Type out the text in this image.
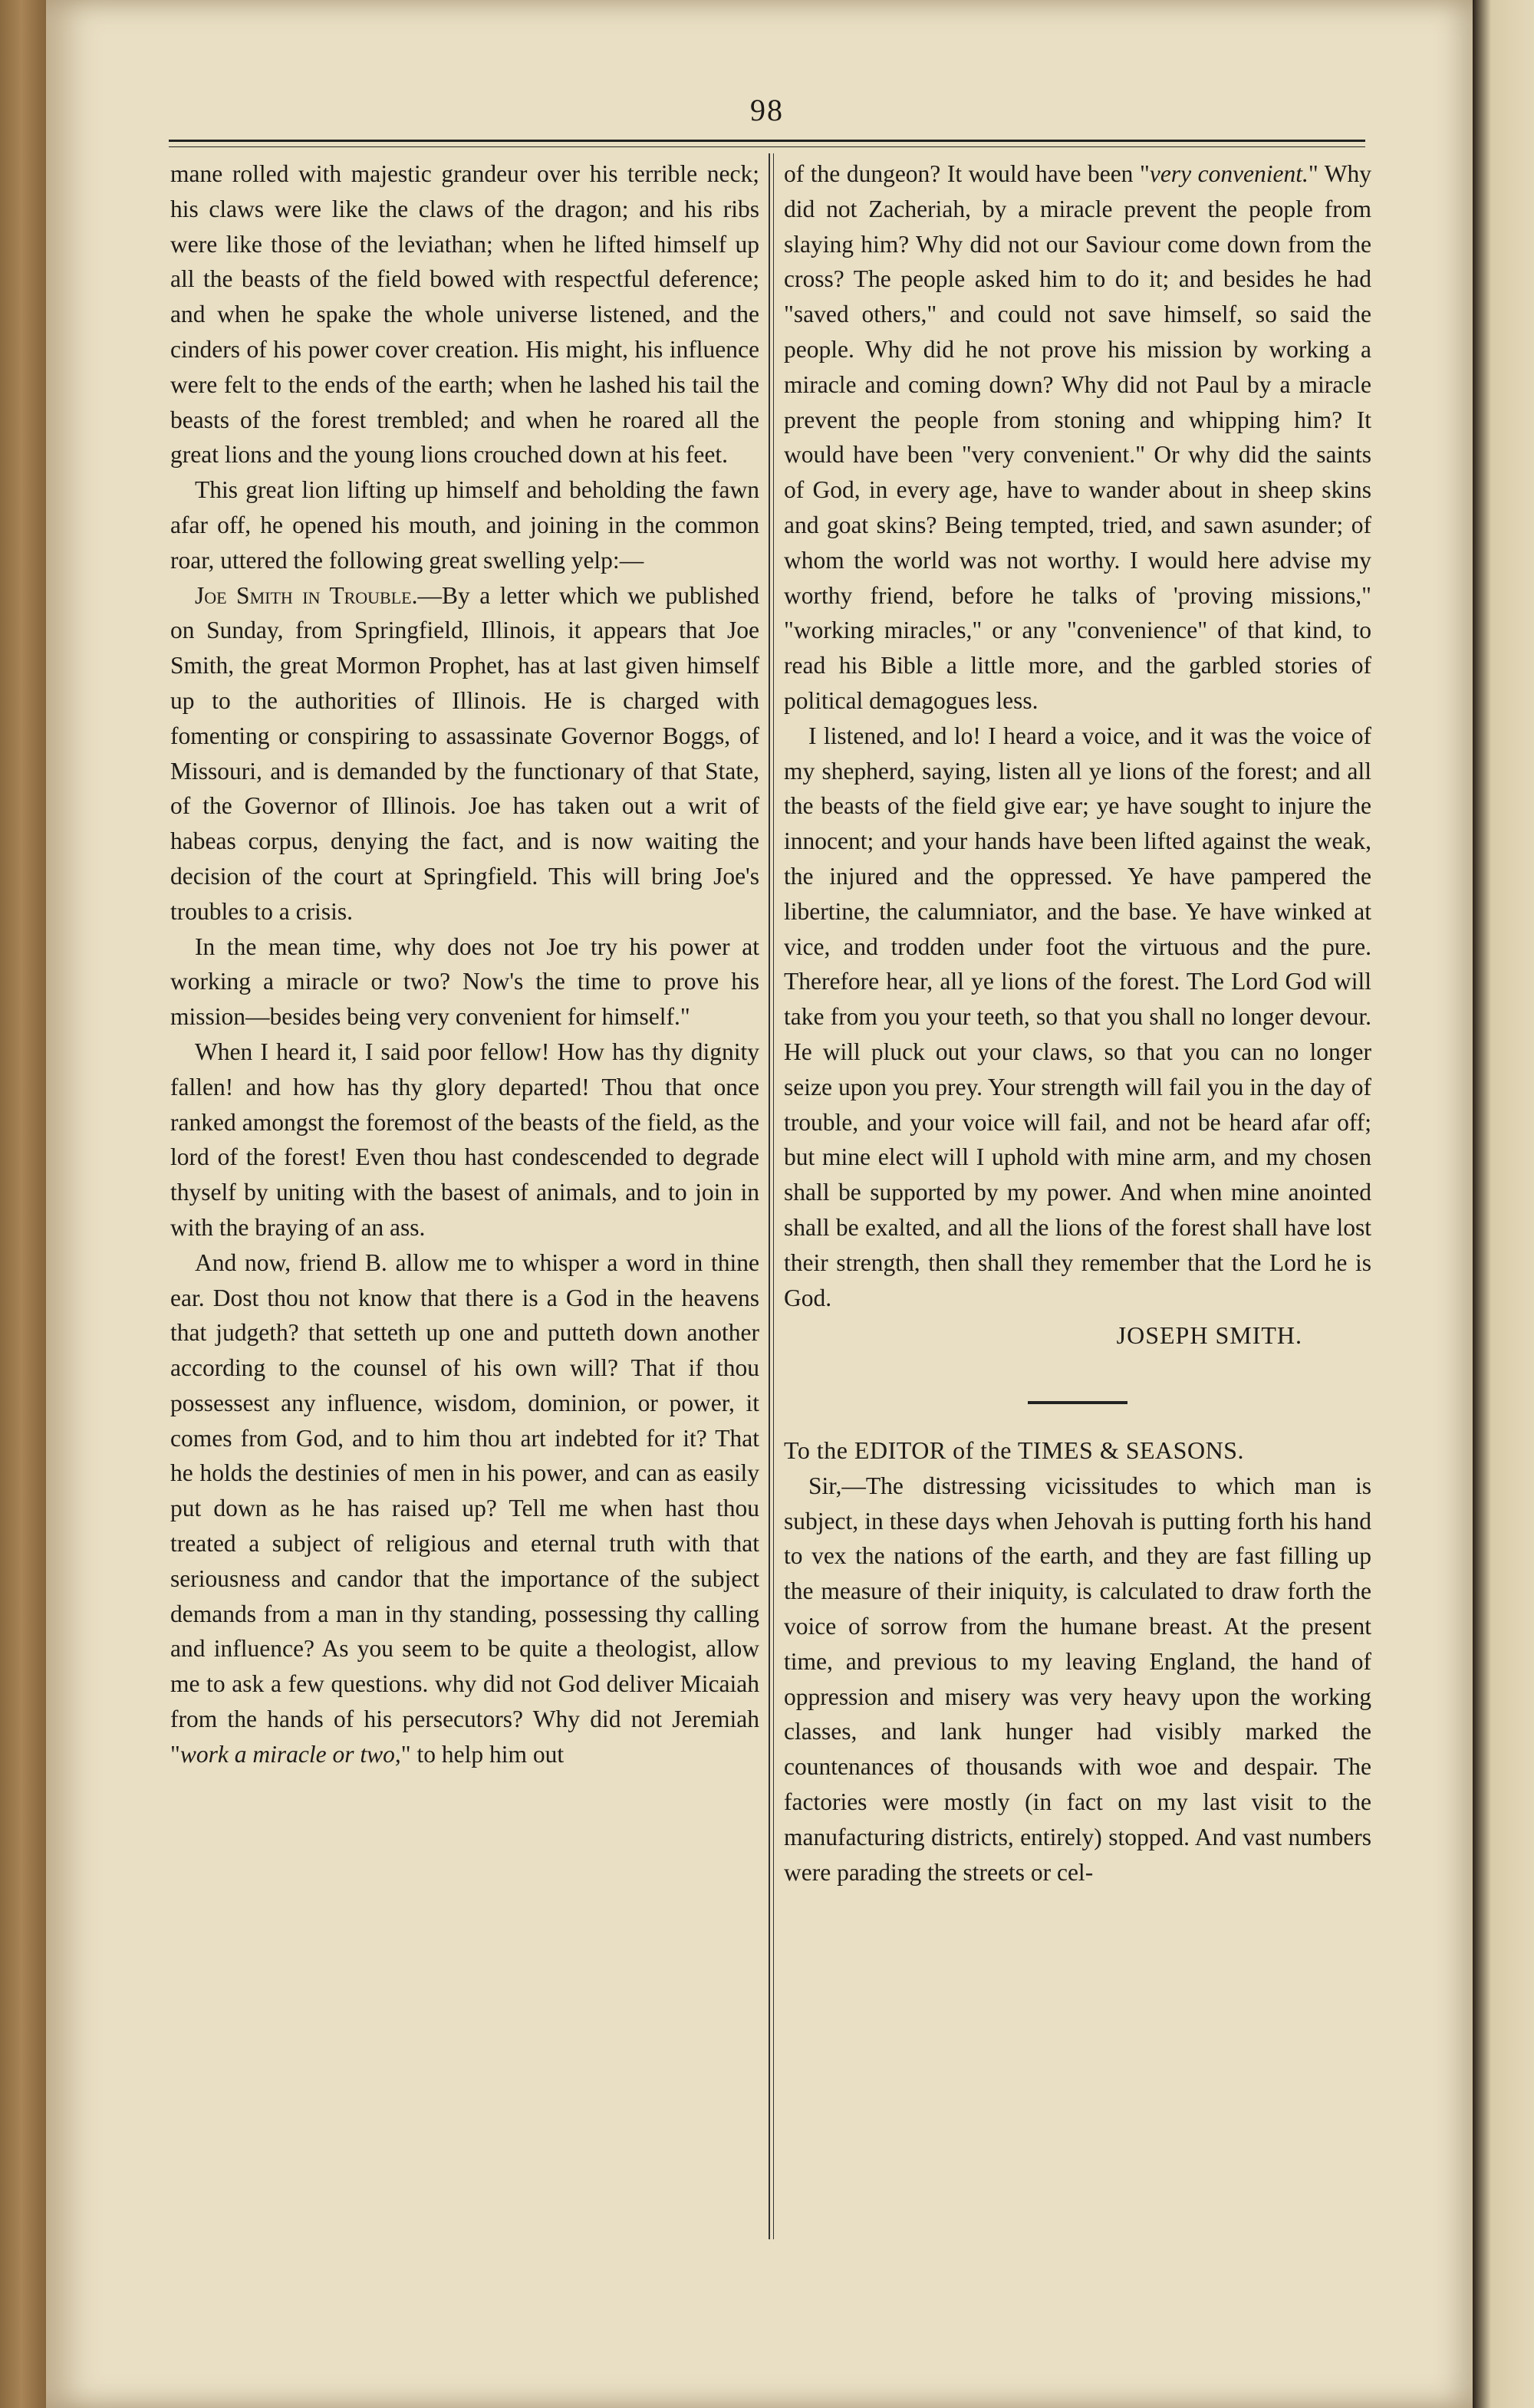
98

mane rolled with majestic grandeur over his terrible neck; his claws were like the claws of the dragon; and his ribs were like those of the leviathan; when he lifted himself up all the beasts of the field bowed with respectful deference; and when he spake the whole universe listened, and the cinders of his power cover creation. His might, his influence were felt to the ends of the earth; when he lashed his tail the beasts of the forest trembled; and when he roared all the great lions and the young lions crouched down at his feet.

This great lion lifting up himself and beholding the fawn afar off, he opened his mouth, and joining in the common roar, uttered the following great swelling yelp:—

Joe Smith in Trouble.—By a letter which we published on Sunday, from Springfield, Illinois, it appears that Joe Smith, the great Mormon Prophet, has at last given himself up to the authorities of Illinois. He is charged with fomenting or conspiring to assassinate Governor Boggs, of Missouri, and is demanded by the functionary of that State, of the Governor of Illinois. Joe has taken out a writ of habeas corpus, denying the fact, and is now waiting the decision of the court at Springfield. This will bring Joe's troubles to a crisis.

In the mean time, why does not Joe try his power at working a miracle or two? Now's the time to prove his mission—besides being very convenient for himself."

When I heard it, I said poor fellow! How has thy dignity fallen! and how has thy glory departed! Thou that once ranked amongst the foremost of the beasts of the field, as the lord of the forest! Even thou hast condescended to degrade thyself by uniting with the basest of animals, and to join in with the braying of an ass.

And now, friend B. allow me to whisper a word in thine ear. Dost thou not know that there is a God in the heavens that judgeth? that setteth up one and putteth down another according to the counsel of his own will? That if thou possessest any influence, wisdom, dominion, or power, it comes from God, and to him thou art indebted for it? That he holds the destinies of men in his power, and can as easily put down as he has raised up? Tell me when hast thou treated a subject of religious and eternal truth with that seriousness and candor that the importance of the subject demands from a man in thy standing, possessing thy calling and influence? As you seem to be quite a theologist, allow me to ask a few questions. why did not God deliver Micaiah from the hands of his persecutors? Why did not Jeremiah "work a miracle or two," to help him out

of the dungeon? It would have been "very convenient." Why did not Zacheriah, by a miracle prevent the people from slaying him? Why did not our Saviour come down from the cross? The people asked him to do it; and besides he had "saved others," and could not save himself, so said the people. Why did he not prove his mission by working a miracle and coming down? Why did not Paul by a miracle prevent the people from stoning and whipping him? It would have been "very convenient." Or why did the saints of God, in every age, have to wander about in sheep skins and goat skins? Being tempted, tried, and sawn asunder; of whom the world was not worthy. I would here advise my worthy friend, before he talks of 'proving missions," "working miracles," or any "convenience" of that kind, to read his Bible a little more, and the garbled stories of political demagogues less.

I listened, and lo! I heard a voice, and it was the voice of my shepherd, saying, listen all ye lions of the forest; and all the beasts of the field give ear; ye have sought to injure the innocent; and your hands have been lifted against the weak, the injured and the oppressed. Ye have pampered the libertine, the calumniator, and the base. Ye have winked at vice, and trodden under foot the virtuous and the pure. Therefore hear, all ye lions of the forest. The Lord God will take from you your teeth, so that you shall no longer devour. He will pluck out your claws, so that you can no longer seize upon you prey. Your strength will fail you in the day of trouble, and your voice will fail, and not be heard afar off; but mine elect will I uphold with mine arm, and my chosen shall be supported by my power. And when mine anointed shall be exalted, and all the lions of the forest shall have lost their strength, then shall they remember that the Lord he is God.

JOSEPH SMITH.

To the EDITOR of the TIMES & SEASONS.

Sir,—The distressing vicissitudes to which man is subject, in these days when Jehovah is putting forth his hand to vex the nations of the earth, and they are fast filling up the measure of their iniquity, is calculated to draw forth the voice of sorrow from the humane breast. At the present time, and previous to my leaving England, the hand of oppression and misery was very heavy upon the working classes, and lank hunger had visibly marked the countenances of thousands with woe and despair. The factories were mostly (in fact on my last visit to the manufacturing districts, entirely) stopped. And vast numbers were parading the streets or cel-
